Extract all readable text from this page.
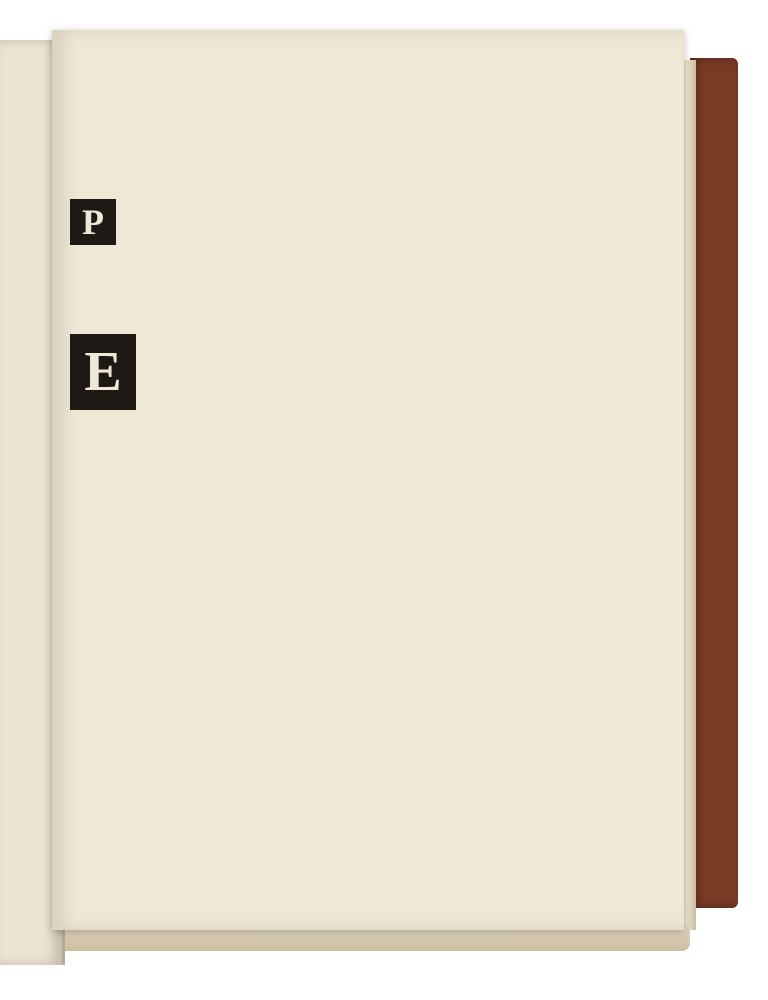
P
E
